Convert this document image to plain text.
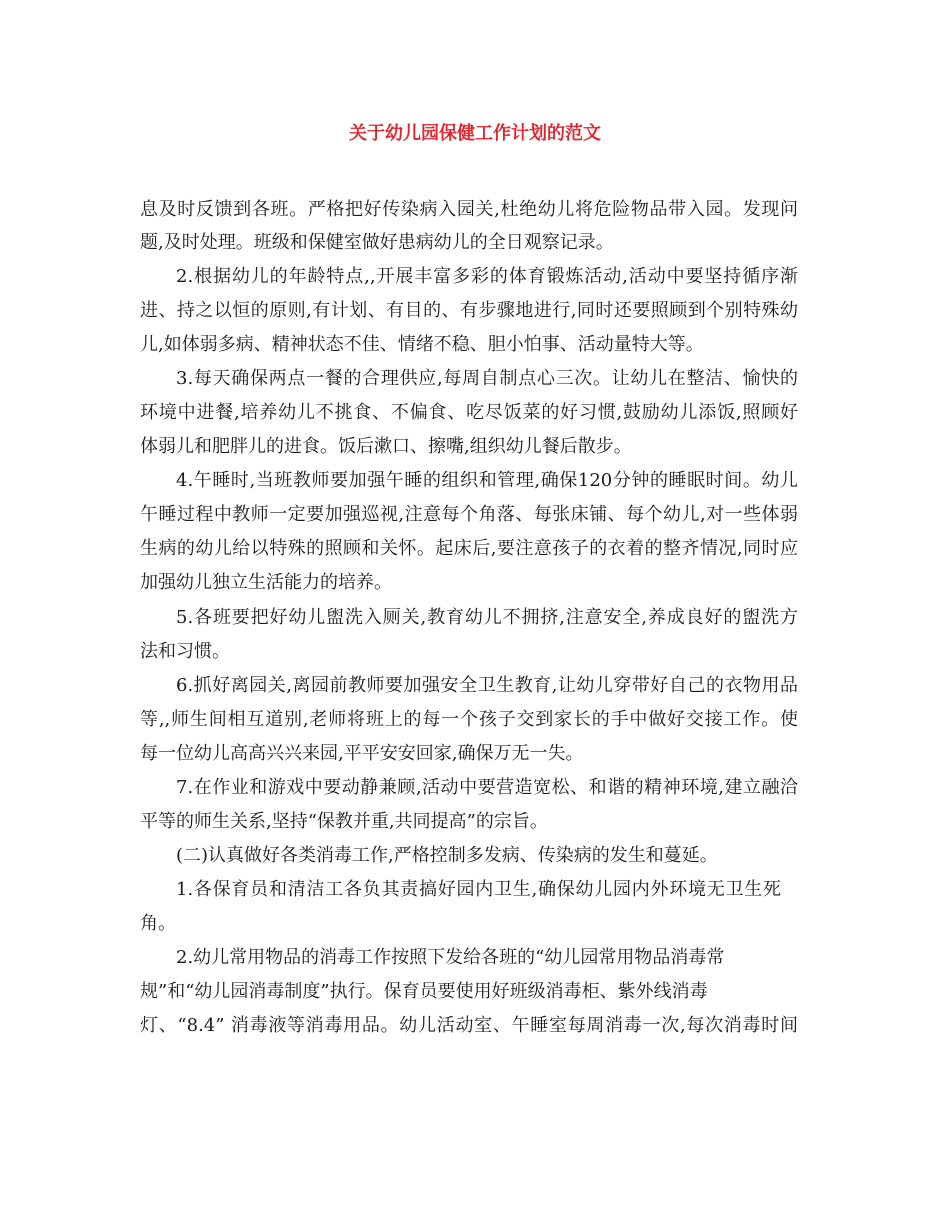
关于幼儿园保健工作计划的范文

息及时反馈到各班。严格把好传染病入园关,杜绝幼儿将危险物品带入园。发现问

题,及时处理。班级和保健室做好患病幼儿的全日观察记录。

2.根据幼儿的年龄特点,,开展丰富多彩的体育锻炼活动,活动中要坚持循序渐

进、持之以恒的原则,有计划、有目的、有步骤地进行,同时还要照顾到个别特殊幼

儿,如体弱多病、精神状态不佳、情绪不稳、胆小怕事、活动量特大等。

3.每天确保两点一餐的合理供应,每周自制点心三次。让幼儿在整洁、愉快的

环境中进餐,培养幼儿不挑食、不偏食、吃尽饭菜的好习惯,鼓励幼儿添饭,照顾好

体弱儿和肥胖儿的进食。饭后漱口、擦嘴,组织幼儿餐后散步。

4.午睡时,当班教师要加强午睡的组织和管理,确保120分钟的睡眠时间。幼儿

午睡过程中教师一定要加强巡视,注意每个角落、每张床铺、每个幼儿,对一些体弱

生病的幼儿给以特殊的照顾和关怀。起床后,要注意孩子的衣着的整齐情况,同时应

加强幼儿独立生活能力的培养。

5.各班要把好幼儿盥洗入厕关,教育幼儿不拥挤,注意安全,养成良好的盥洗方

法和习惯。

6.抓好离园关,离园前教师要加强安全卫生教育,让幼儿穿带好自己的衣物用品

等,,师生间相互道别,老师将班上的每一个孩子交到家长的手中做好交接工作。使

每一位幼儿高高兴兴来园,平平安安回家,确保万无一失。

7.在作业和游戏中要动静兼顾,活动中要营造宽松、和谐的精神环境,建立融洽

平等的师生关系,坚持“保教并重,共同提高”的宗旨。

(二)认真做好各类消毒工作,严格控制多发病、传染病的发生和蔓延。

1.各保育员和清洁工各负其责搞好园内卫生,确保幼儿园内外环境无卫生死

角。

2.幼儿常用物品的消毒工作按照下发给各班的“幼儿园常用物品消毒常

规”和“幼儿园消毒制度”执行。保育员要使用好班级消毒柜、紫外线消毒

灯、“8.4” 消毒液等消毒用品。幼儿活动室、午睡室每周消毒一次,每次消毒时间
